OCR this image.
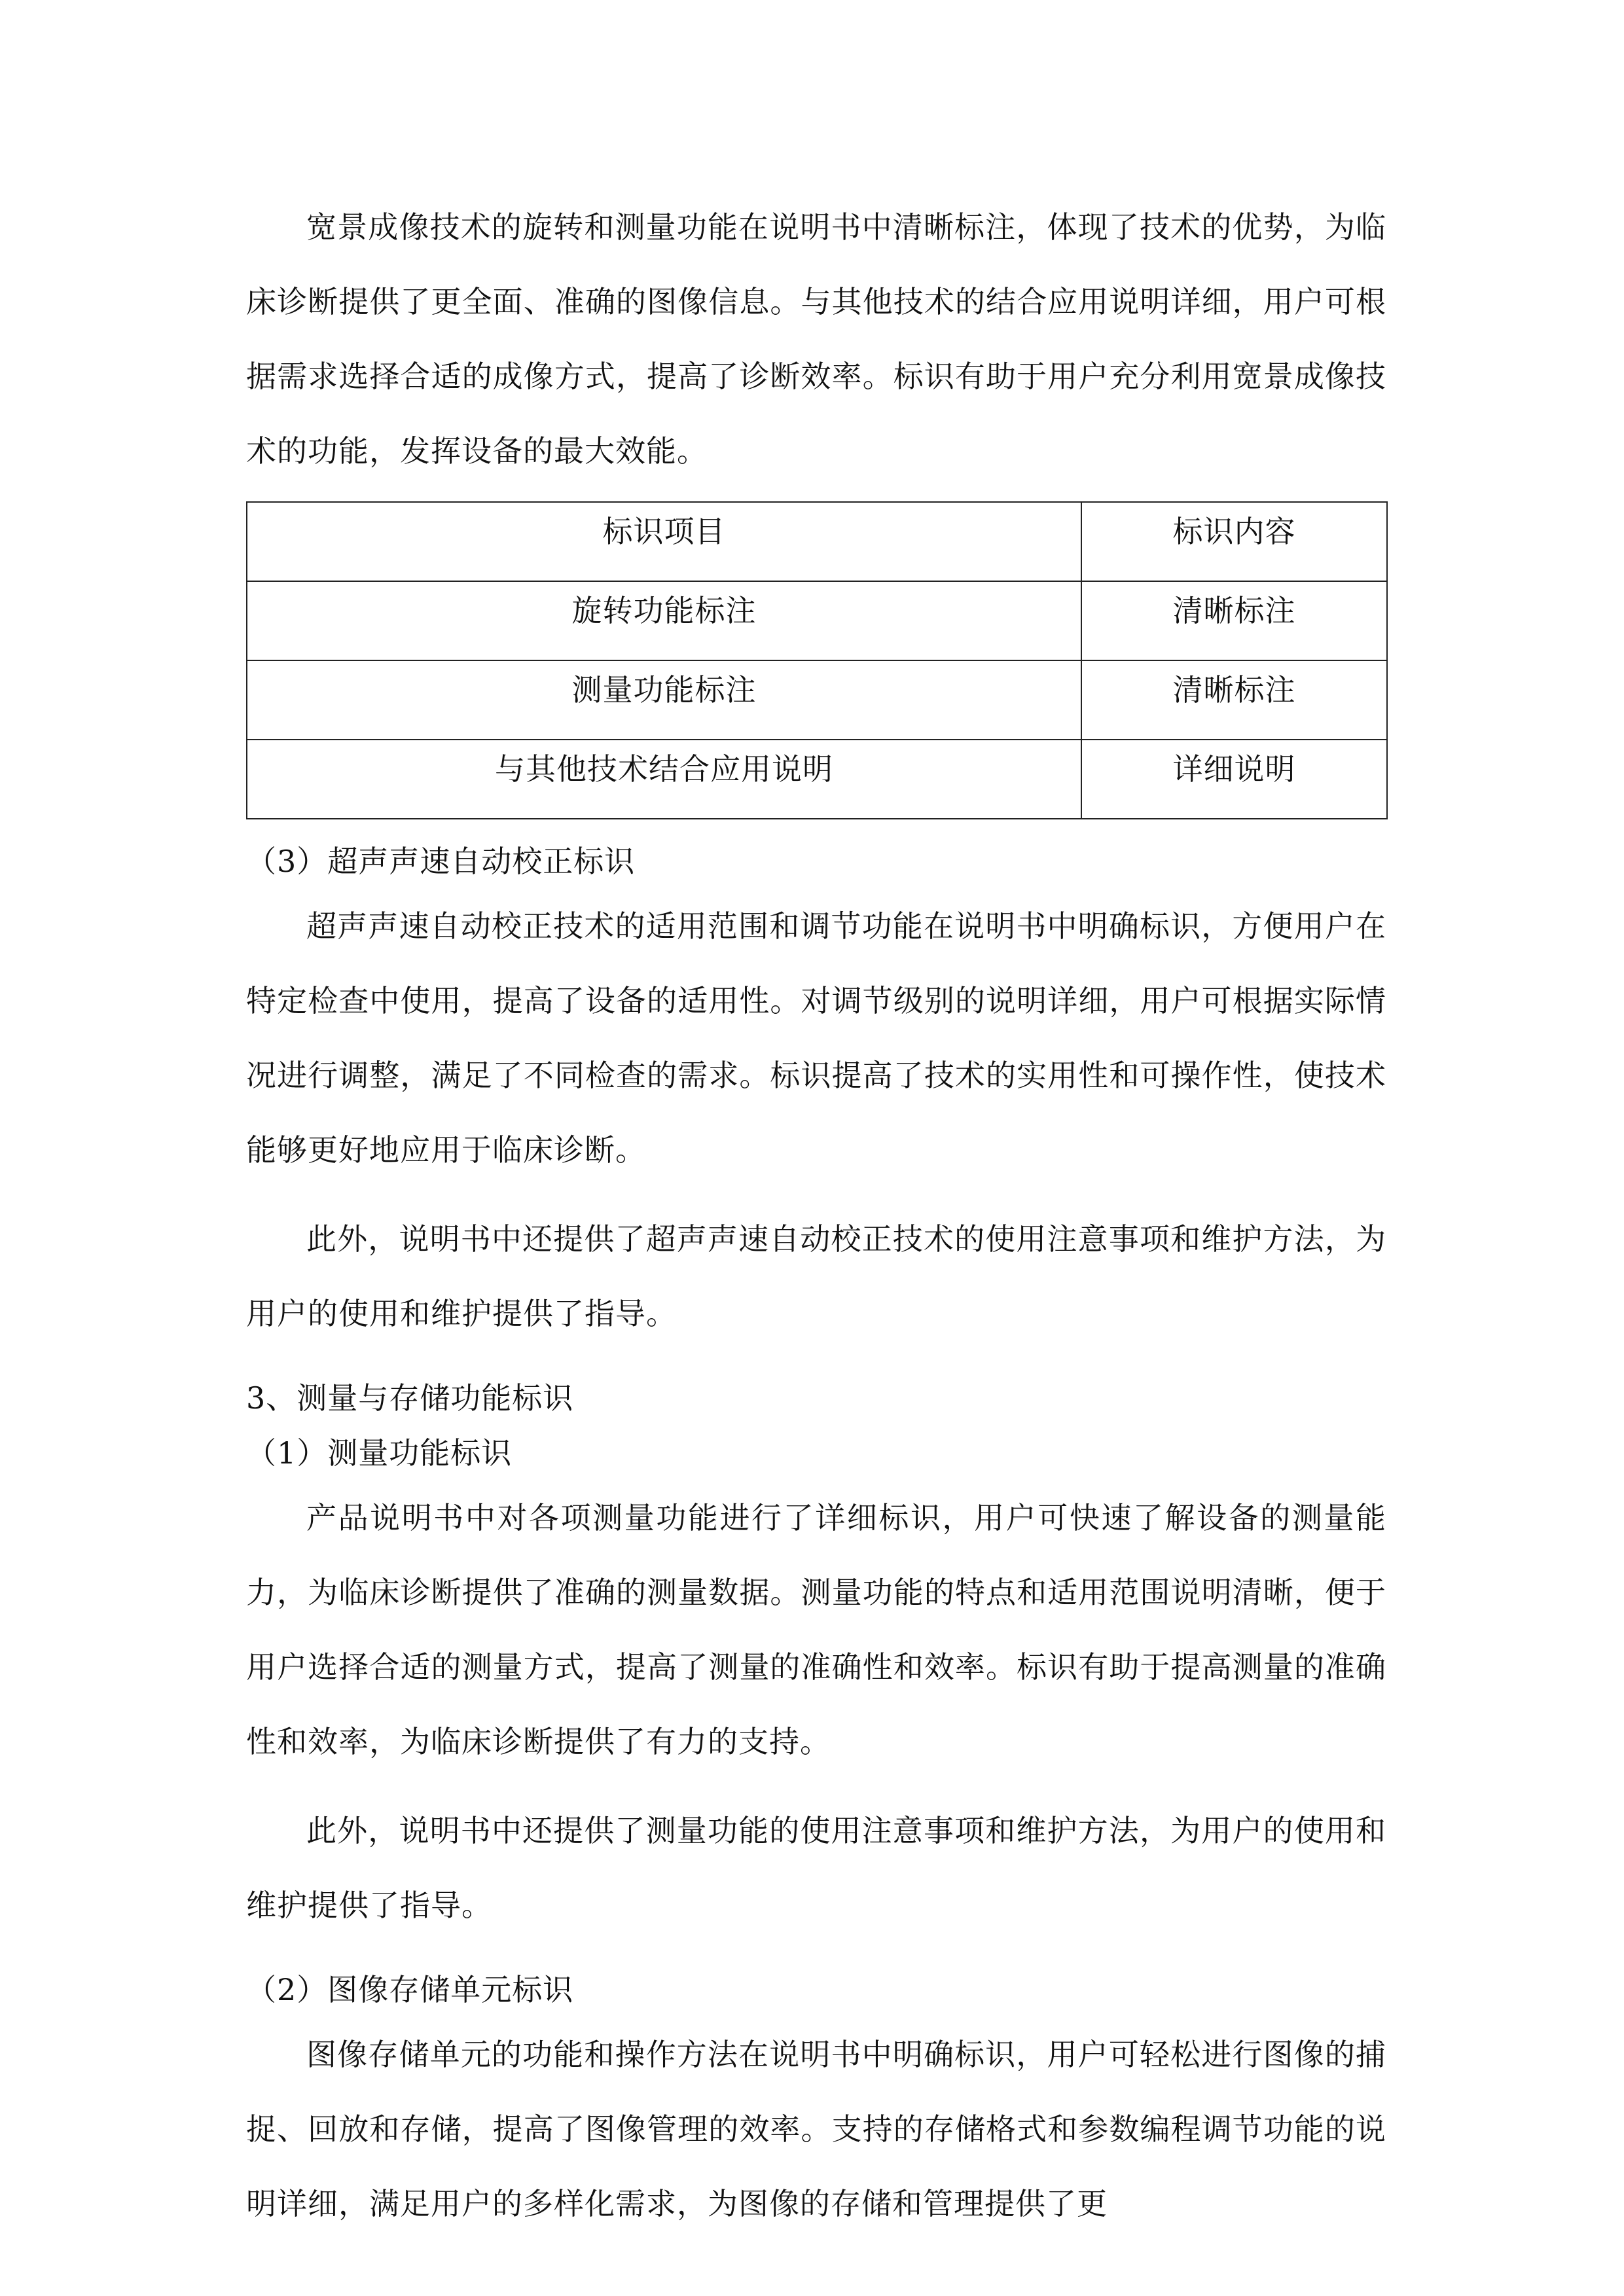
宽景成像技术的旋转和测量功能在说明书中清晰标注，体现了技术的优势，为临床诊断提供了更全面、准确的图像信息。与其他技术的结合应用说明详细，用户可根据需求选择合适的成像方式，提高了诊断效率。标识有助于用户充分利用宽景成像技术的功能，发挥设备的最大效能。

标识项目	标识内容
旋转功能标注	清晰标注
测量功能标注	清晰标注
与其他技术结合应用说明	详细说明
（3）超声声速自动校正标识

超声声速自动校正技术的适用范围和调节功能在说明书中明确标识，方便用户在特定检查中使用，提高了设备的适用性。对调节级别的说明详细，用户可根据实际情况进行调整，满足了不同检查的需求。标识提高了技术的实用性和可操作性，使技术能够更好地应用于临床诊断。

此外，说明书中还提供了超声声速自动校正技术的使用注意事项和维护方法，为用户的使用和维护提供了指导。

3、测量与存储功能标识
（1）测量功能标识

产品说明书中对各项测量功能进行了详细标识，用户可快速了解设备的测量能力，为临床诊断提供了准确的测量数据。测量功能的特点和适用范围说明清晰，便于用户选择合适的测量方式，提高了测量的准确性和效率。标识有助于提高测量的准确性和效率，为临床诊断提供了有力的支持。

此外，说明书中还提供了测量功能的使用注意事项和维护方法，为用户的使用和维护提供了指导。

（2）图像存储单元标识

图像存储单元的功能和操作方法在说明书中明确标识，用户可轻松进行图像的捕捉、回放和存储，提高了图像管理的效率。支持的存储格式和参数编程调节功能的说明详细，满足用户的多样化需求，为图像的存储和管理提供了更
